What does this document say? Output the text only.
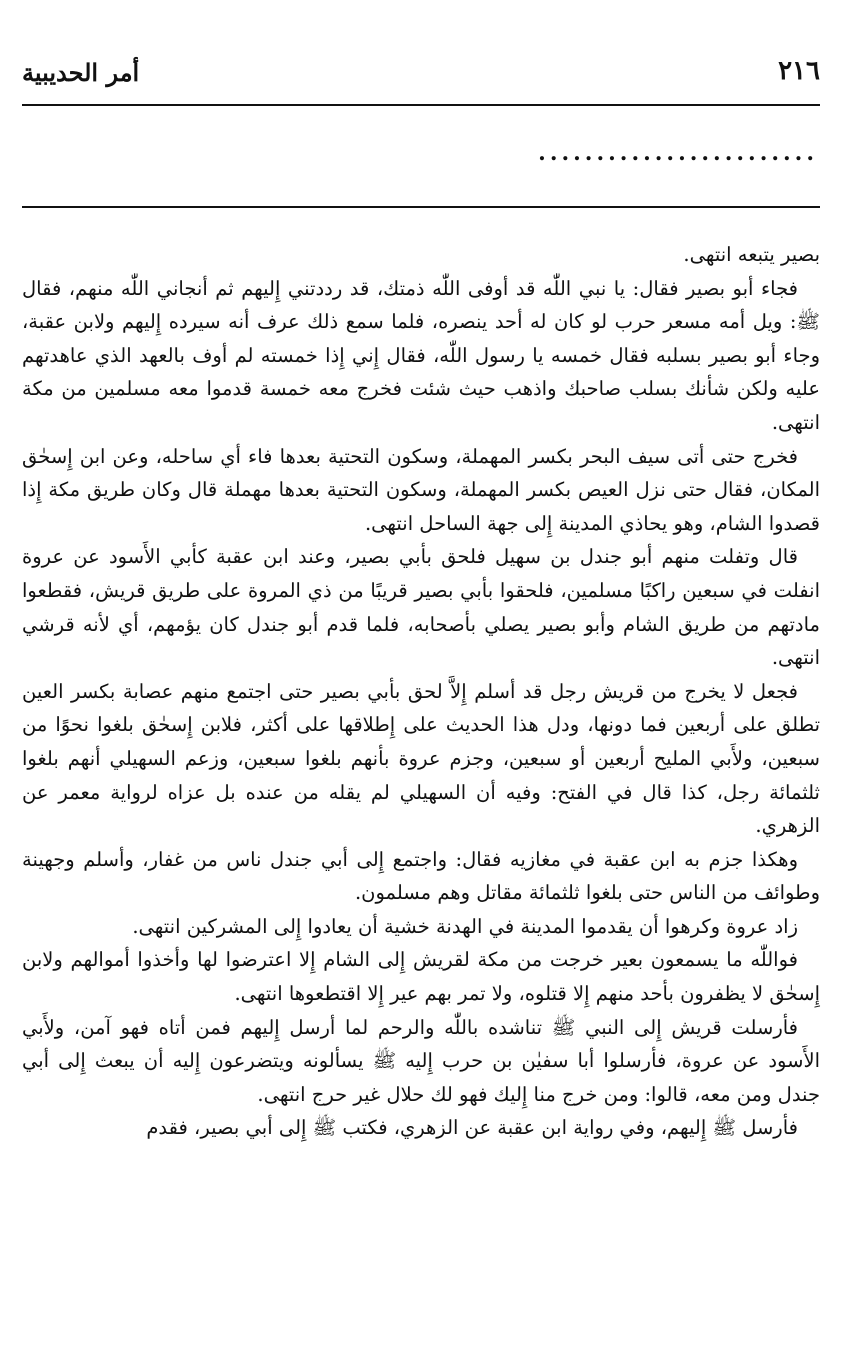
٢١٦
أمر الحديبية
........................

بصير يتبعه انتهى.

فجاء أبو بصير فقال: يا نبي اللّٰه قد أوفى اللّٰه ذمتك، قد رددتني إِليهم ثم أنجاني اللّٰه منهم، فقال ﷺ: ويل أمه مسعر حرب لو كان له أحد ينصره، فلما سمع ذلك عرف أنه سيرده إِليهم ولابن عقبة، وجاء أبو بصير بسلبه فقال خمسه يا رسول اللّٰه، فقال إِني إِذا خمسته لم أوف بالعهد الذي عاهدتهم عليه ولكن شأنك بسلب صاحبك واذهب حيث شئت فخرج معه خمسة قدموا معه مسلمين من مكة انتهى.

فخرج حتى أتى سيف البحر بكسر المهملة، وسكون التحتية بعدها فاء أي ساحله، وعن ابن إِسحٰق المكان، فقال حتى نزل العيص بكسر المهملة، وسكون التحتية بعدها مهملة قال وكان طريق مكة إِذا قصدوا الشام، وهو يحاذي المدينة إِلى جهة الساحل انتهى.

قال وتفلت منهم أبو جندل بن سهيل فلحق بأبي بصير، وعند ابن عقبة كأبي الأَسود عن عروة انفلت في سبعين راكبًا مسلمين، فلحقوا بأبي بصير قريبًا من ذي المروة على طريق قريش، فقطعوا مادتهم من طريق الشام وأبو بصير يصلي بأصحابه، فلما قدم أبو جندل كان يؤمهم، أي لأنه قرشي انتهى.

فجعل لا يخرج من قريش رجل قد أسلم إِلاَّ لحق بأبي بصير حتى اجتمع منهم عصابة بكسر العين تطلق على أربعين فما دونها، ودل هذا الحديث على إِطلاقها على أكثر، فلابن إِسحٰق بلغوا نحوًا من سبعين، ولأَبي المليح أربعين أو سبعين، وجزم عروة بأنهم بلغوا سبعين، وزعم السهيلي أنهم بلغوا ثلثمائة رجل، كذا قال في الفتح: وفيه أن السهيلي لم يقله من عنده بل عزاه لرواية معمر عن الزهري.

وهكذا جزم به ابن عقبة في مغازيه فقال: واجتمع إِلى أبي جندل ناس من غفار، وأسلم وجهينة وطوائف من الناس حتى بلغوا ثلثمائة مقاتل وهم مسلمون.

زاد عروة وكرهوا أن يقدموا المدينة في الهدنة خشية أن يعادوا إِلى المشركين انتهى.

فواللّٰه ما يسمعون بعير خرجت من مكة لقريش إِلى الشام إِلا اعترضوا لها وأخذوا أموالهم ولابن إِسحٰق لا يظفرون بأحد منهم إِلا قتلوه، ولا تمر بهم عير إِلا اقتطعوها انتهى.

فأرسلت قريش إِلى النبي ﷺ تناشده باللّٰه والرحم لما أرسل إِليهم فمن أتاه فهو آمن، ولأَبي الأَسود عن عروة، فأرسلوا أبا سفيٰن بن حرب إِليه ﷺ يسألونه ويتضرعون إِليه أن يبعث إِلى أبي جندل ومن معه، قالوا: ومن خرج منا إِليك فهو لك حلال غير حرج انتهى.

فأرسل ﷺ إِليهم، وفي رواية ابن عقبة عن الزهري، فكتب ﷺ إِلى أبي بصير، فقدم
